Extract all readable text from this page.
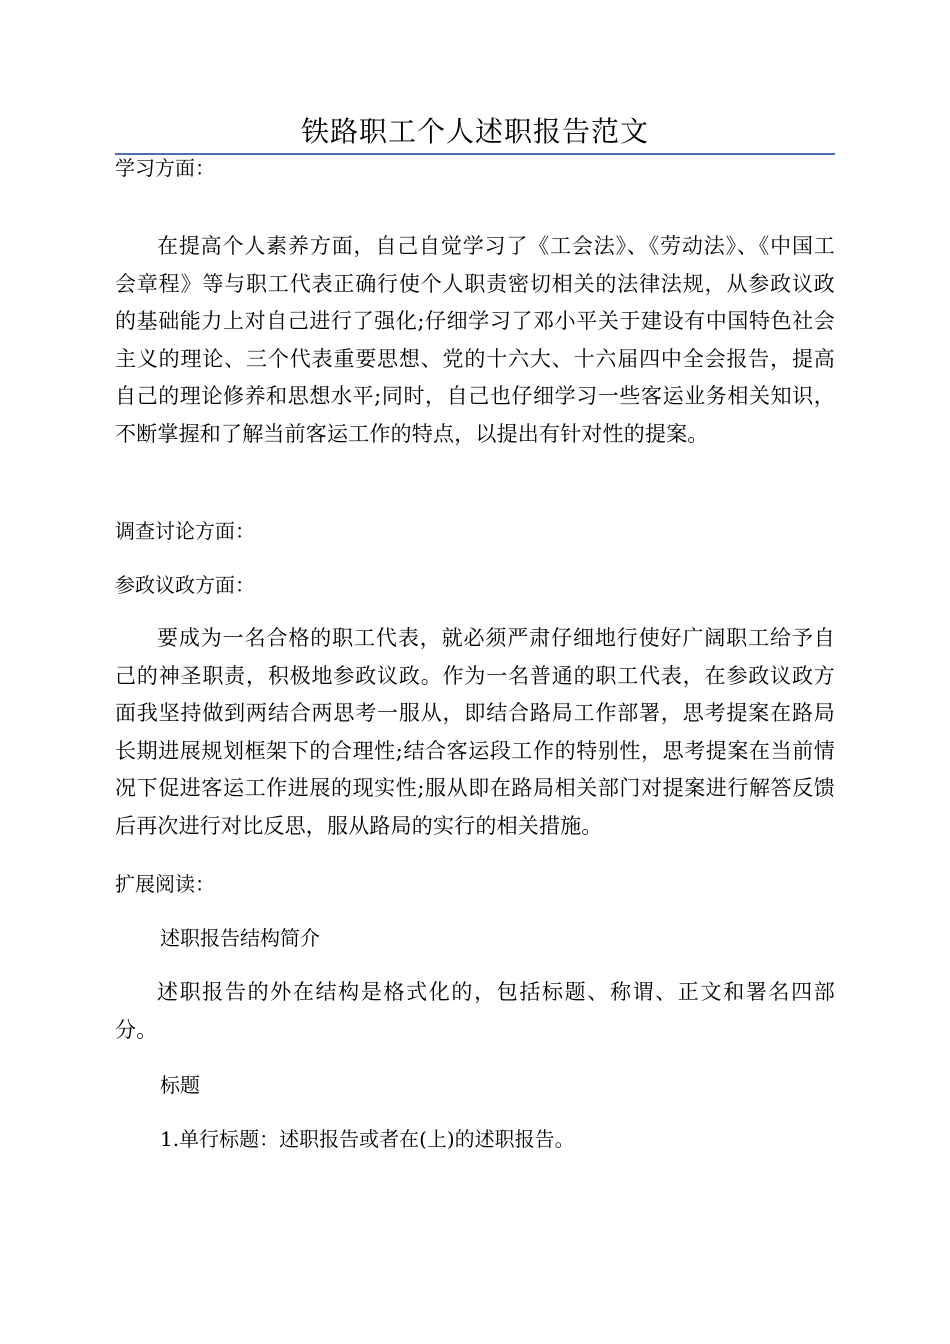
铁路职工个人述职报告范文
学习方面：
在提高个人素养方面，自己自觉学习了《工会法》、《劳动法》、《中国工会章程》等与职工代表正确行使个人职责密切相关的法律法规，从参政议政的基础能力上对自己进行了强化;仔细学习了邓小平关于建设有中国特色社会主义的理论、三个代表重要思想、党的十六大、十六届四中全会报告，提高自己的理论修养和思想水平;同时，自己也仔细学习一些客运业务相关知识，不断掌握和了解当前客运工作的特点，以提出有针对性的提案。
调查讨论方面：
参政议政方面：
要成为一名合格的职工代表，就必须严肃仔细地行使好广阔职工给予自己的神圣职责，积极地参政议政。作为一名普通的职工代表，在参政议政方面我坚持做到两结合两思考一服从，即结合路局工作部署，思考提案在路局长期进展规划框架下的合理性;结合客运段工作的特别性，思考提案在当前情况下促进客运工作进展的现实性;服从即在路局相关部门对提案进行解答反馈后再次进行对比反思，服从路局的实行的相关措施。
扩展阅读：
述职报告结构简介
述职报告的外在结构是格式化的，包括标题、称谓、正文和署名四部分。
标题
1.单行标题：述职报告或者在(上)的述职报告。
